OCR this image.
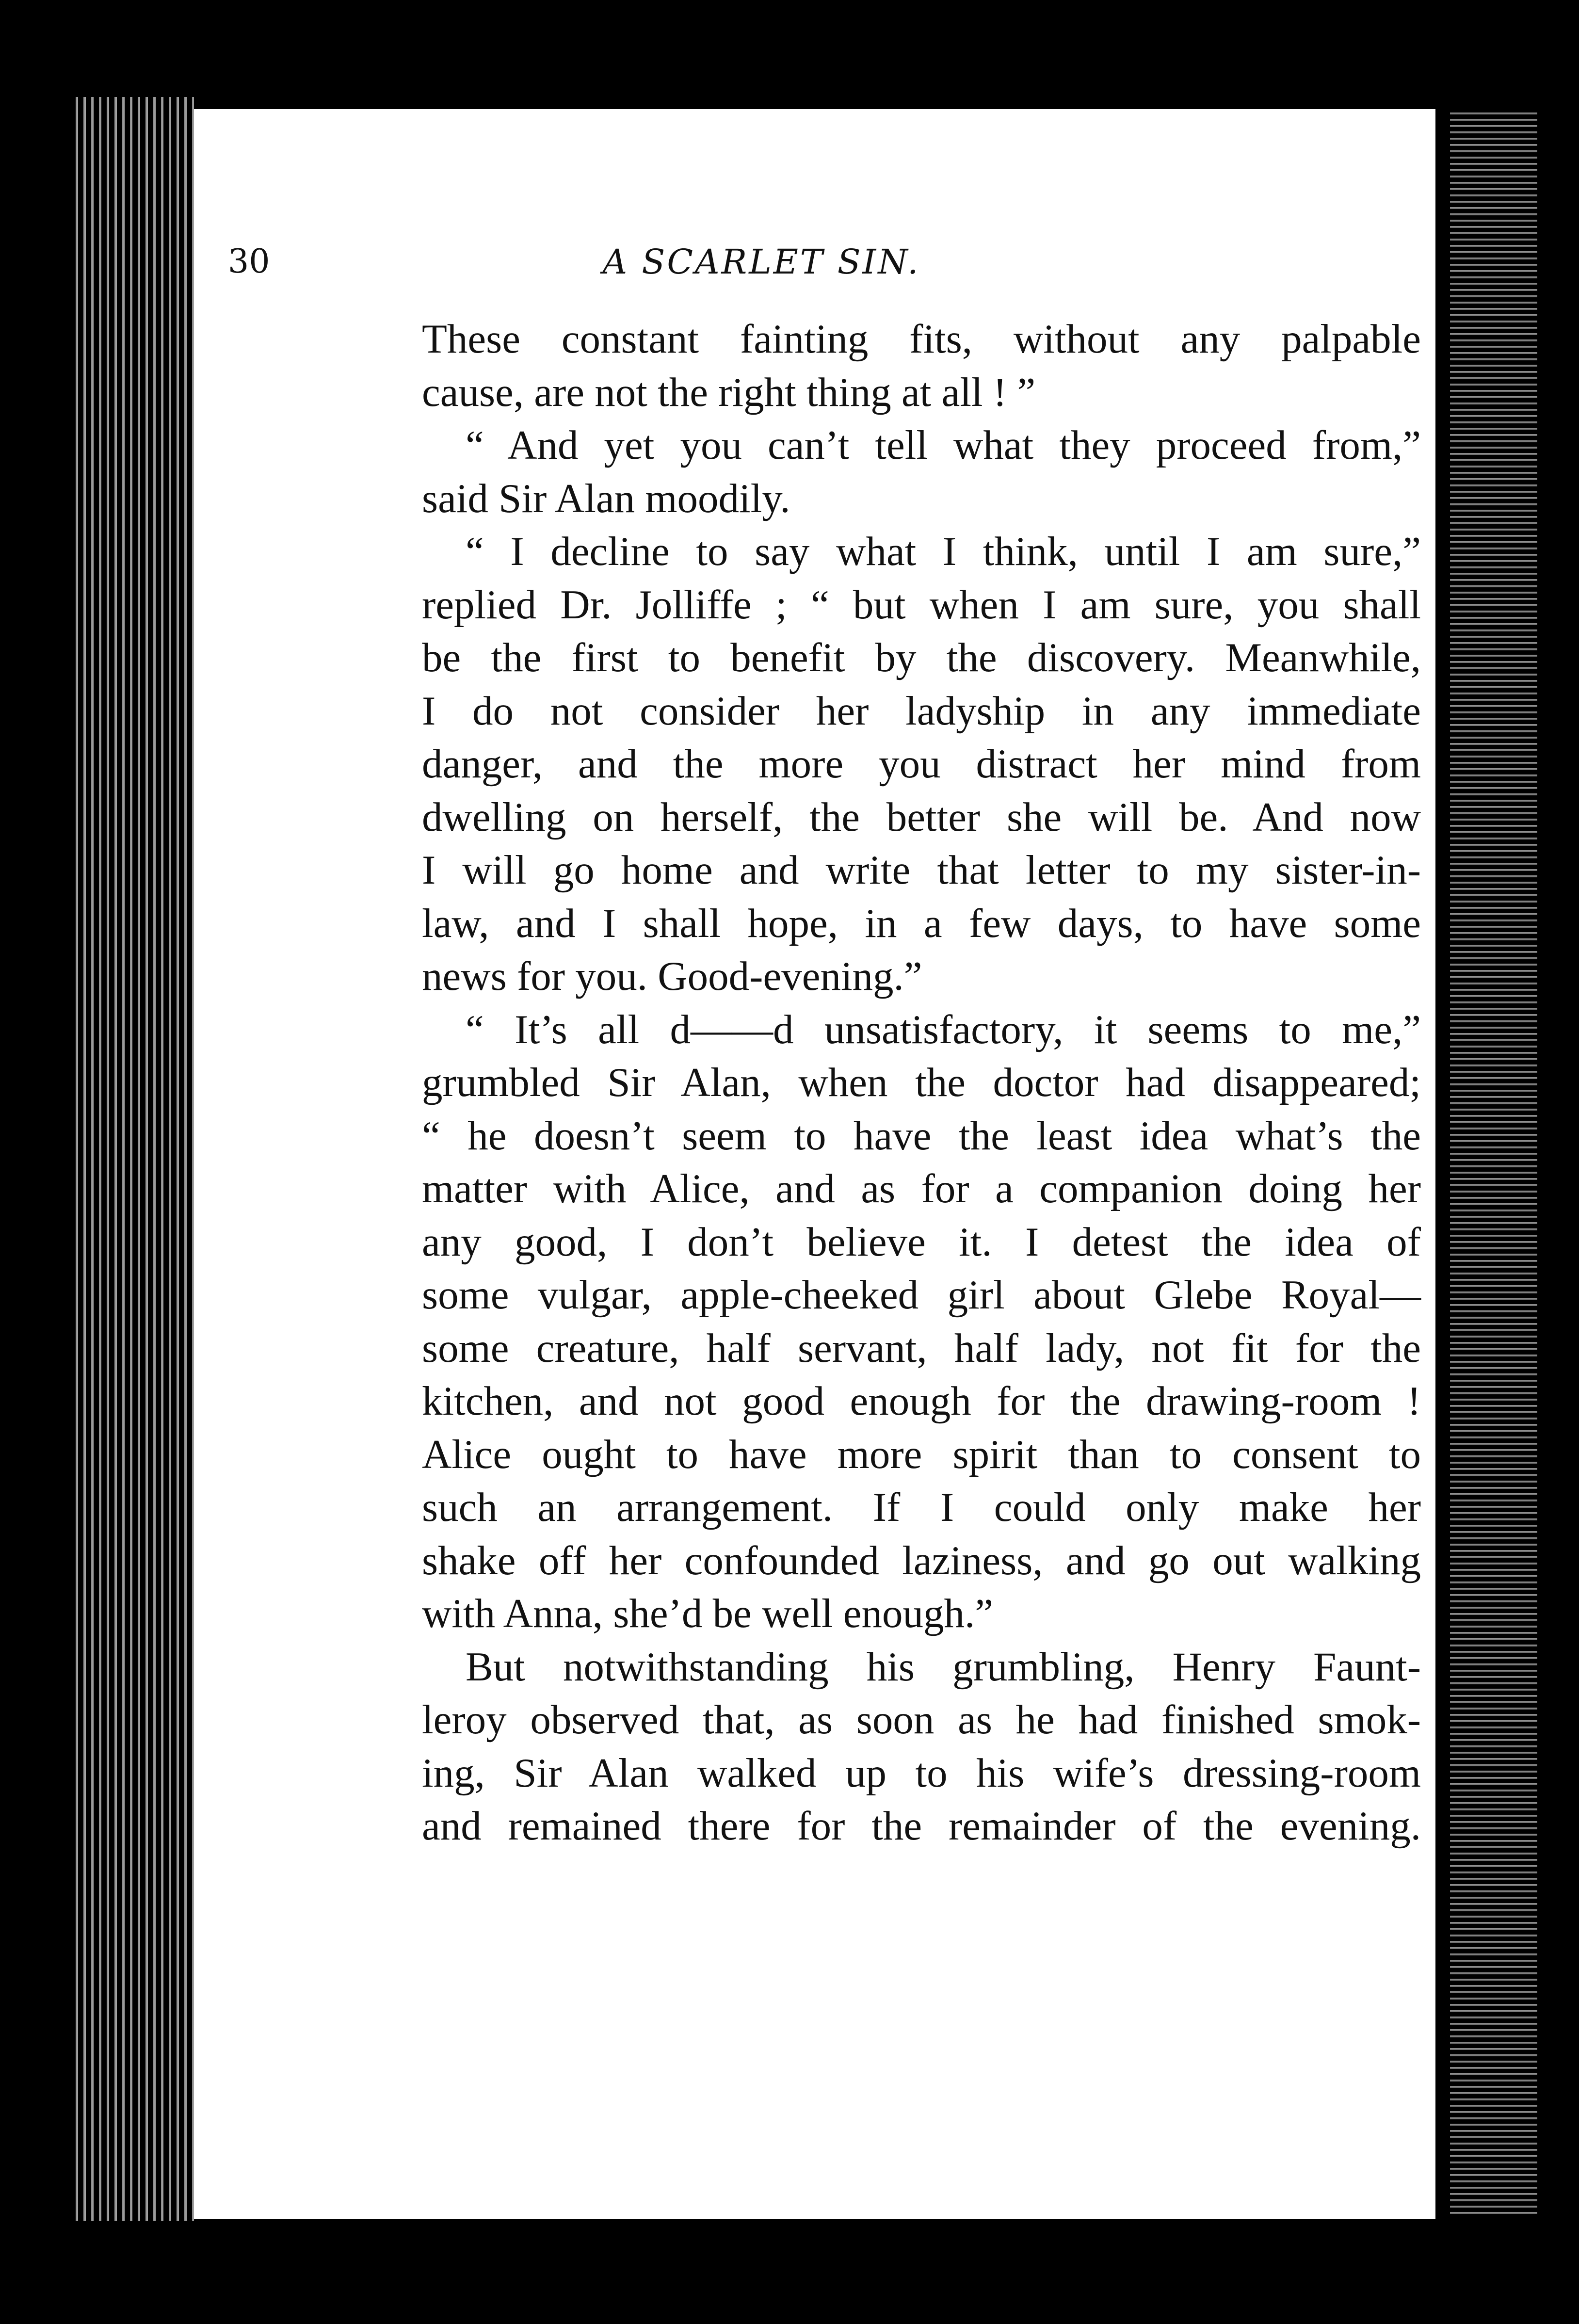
30	A SCARLET SIN.
These constant fainting fits, without any palpable
cause, are not the right thing at all ! ”
“ And yet you can’t tell what they proceed from,”
said Sir Alan moodily.
“ I decline to say what I think, until I am sure,”
replied Dr. Jolliffe ; “ but when I am sure, you shall
be the first to benefit by the discovery. Meanwhile,
I do not consider her ladyship in any immediate
danger, and the more you distract her mind from
dwelling on herself, the better she will be. And now
I will go home and write that letter to my sister-in-
law, and I shall hope, in a few days, to have some
news for you. Good-evening.”
“ It’s all d——d unsatisfactory, it seems to me,”
grumbled Sir Alan, when the doctor had disappeared;
“ he doesn’t seem to have the least idea what’s the
matter with Alice, and as for a companion doing her
any good, I don’t believe it. I detest the idea of
some vulgar, apple-cheeked girl about Glebe Royal—
some creature, half servant, half lady, not fit for the
kitchen, and not good enough for the drawing-room !
Alice ought to have more spirit than to consent to
such an arrangement. If I could only make her
shake off her confounded laziness, and go out walking
with Anna, she’d be well enough.”
But notwithstanding his grumbling, Henry Faunt-
leroy observed that, as soon as he had finished smok-
ing, Sir Alan walked up to his wife’s dressing-room
and remained there for the remainder of the evening.
